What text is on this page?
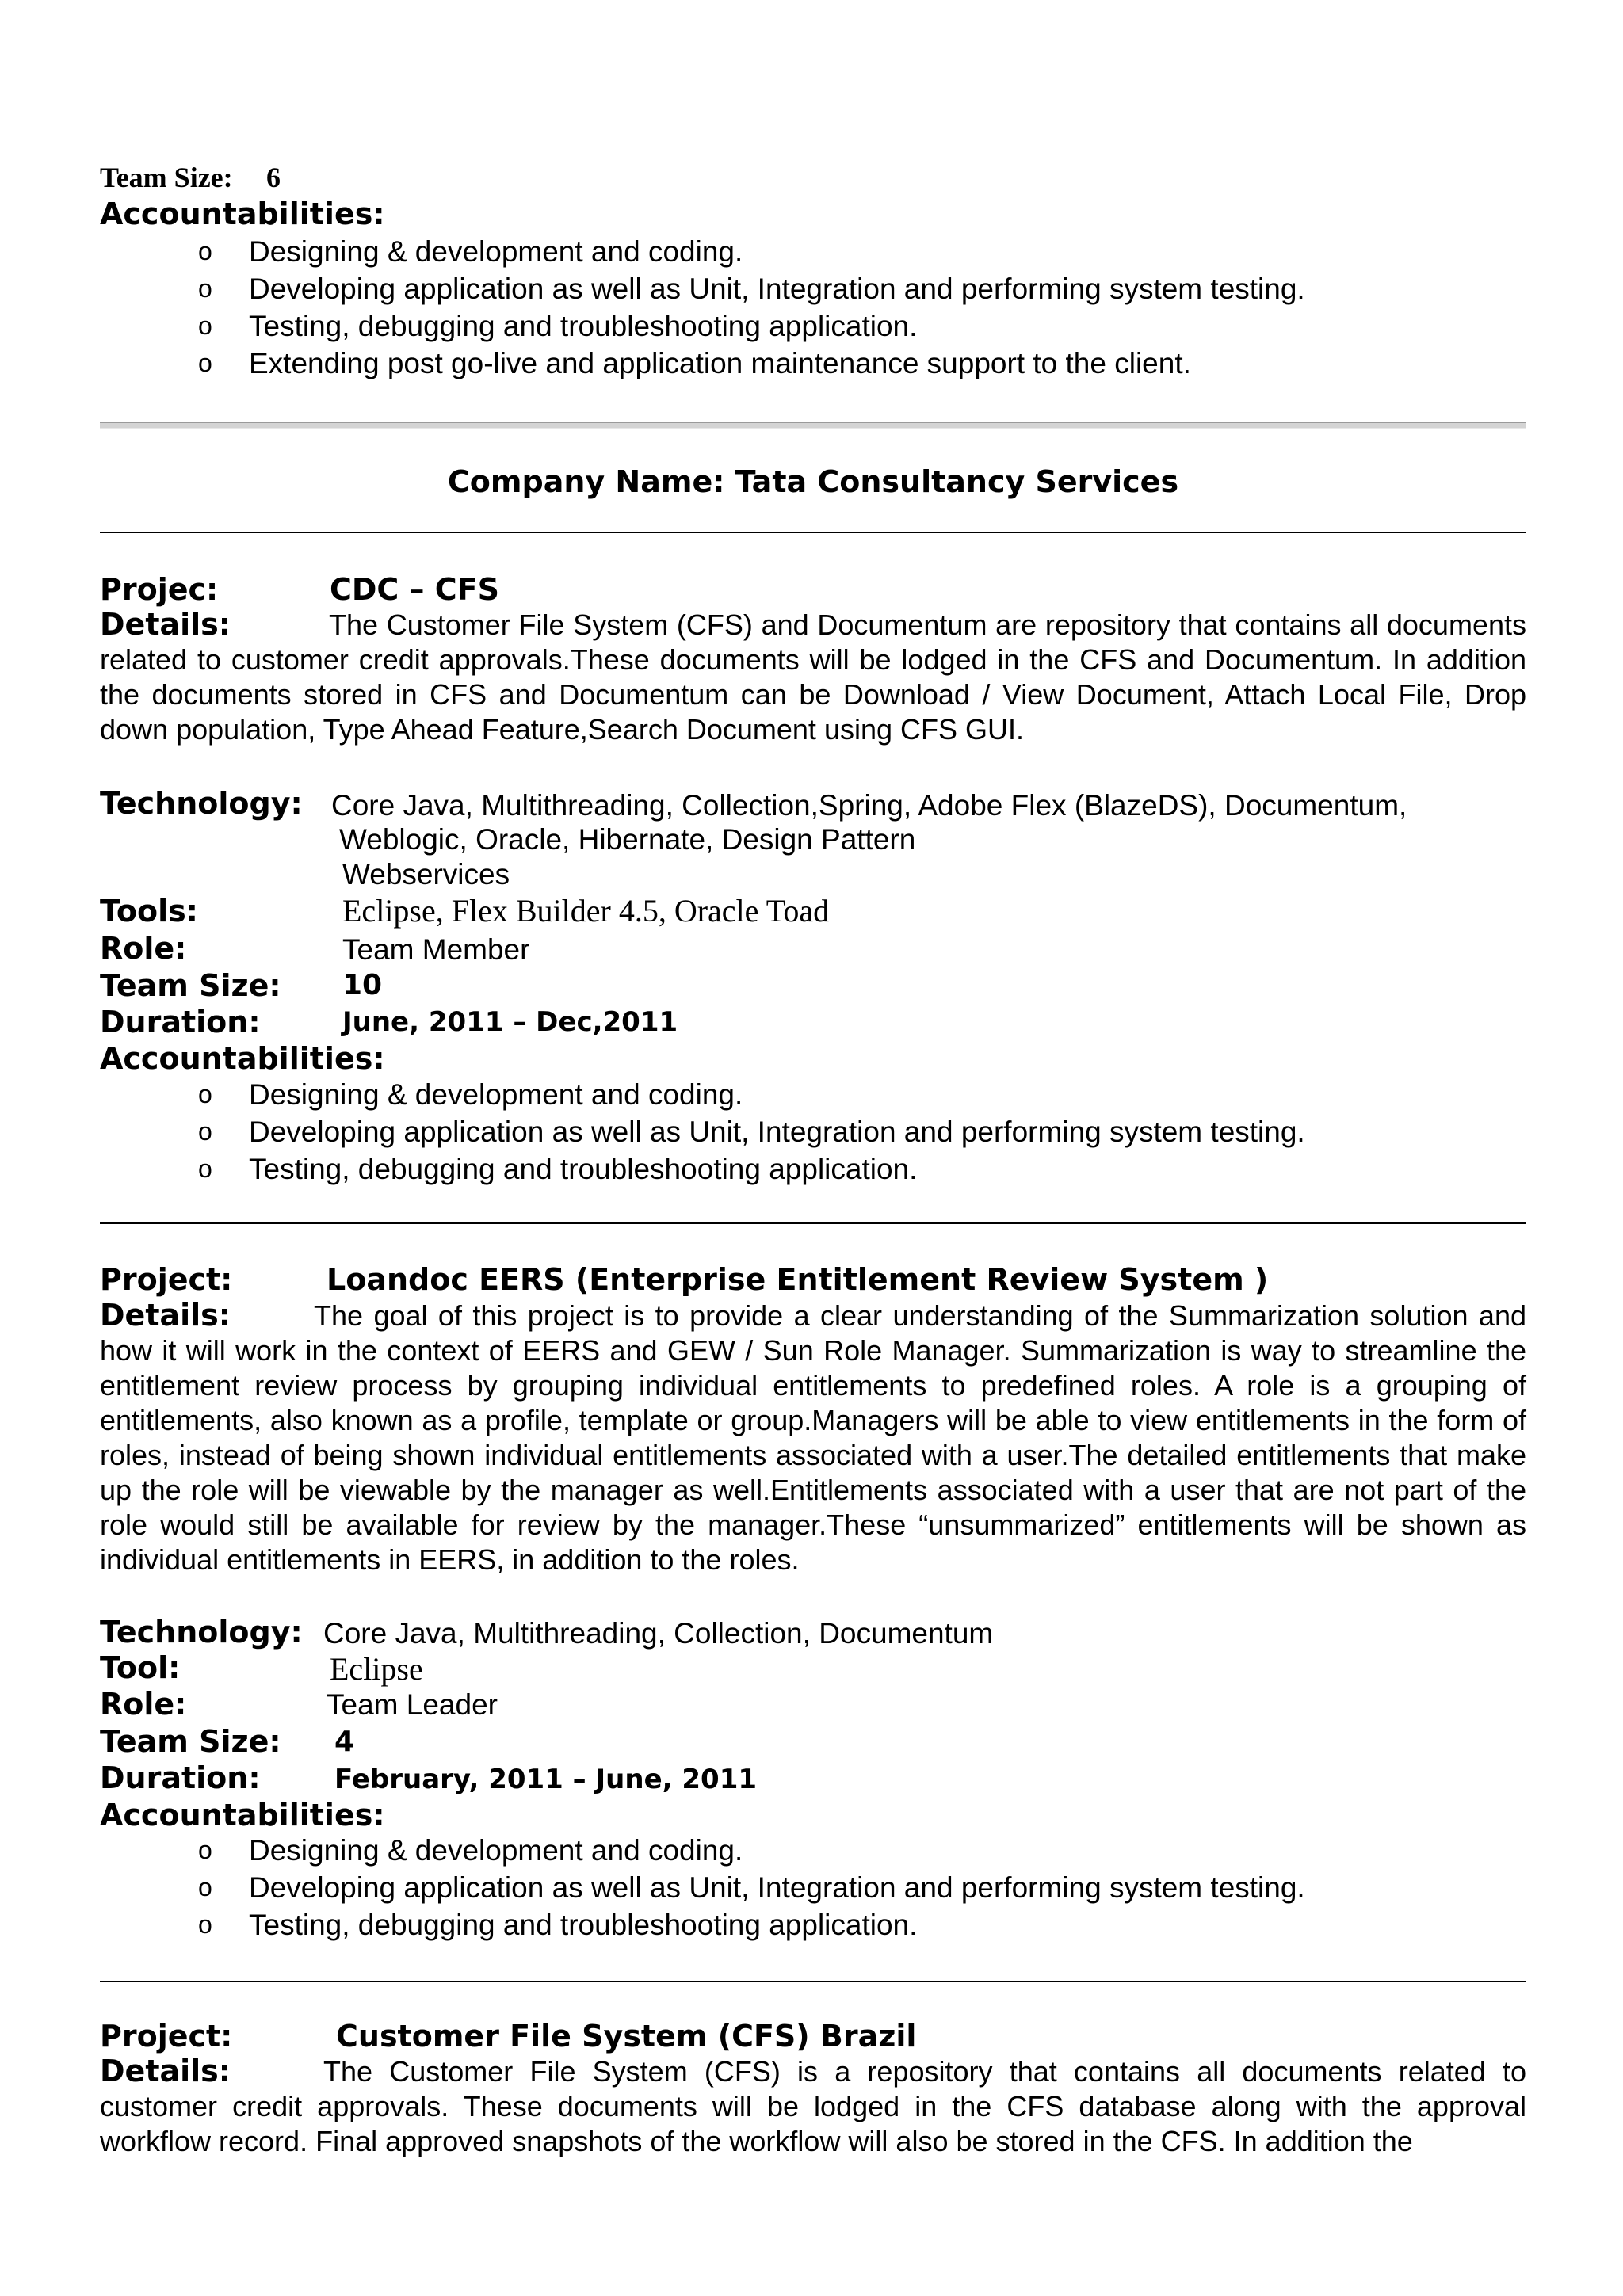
Team Size: 6
Accountabilities:
o Designing & development and coding.
o Developing application as well as Unit, Integration and performing system testing.
o Testing, debugging and troubleshooting application.
o Extending post go-live and application maintenance support to the client.
Company Name: Tata Consultancy Services
Projec:	CDC – CFS
Details:	The Customer File System (CFS) and Documentum are repository that contains all documents related to customer credit approvals.These documents will be lodged in the CFS and Documentum. In addition the documents stored in CFS and Documentum can be Download / View Document, Attach Local File, Drop down population, Type Ahead Feature,Search Document using CFS GUI.
Technology: Core Java, Multithreading, Collection,Spring, Adobe Flex (BlazeDS), Documentum,
Weblogic, Oracle, Hibernate, Design Pattern
Webservices
Tools:	Eclipse, Flex Builder 4.5, Oracle Toad
Role:	Team Member
Team Size: 10
Duration:	June, 2011 – Dec,2011
Accountabilities:
o Designing & development and coding.
o Developing application as well as Unit, Integration and performing system testing.
o Testing, debugging and troubleshooting application.
Project:	Loandoc EERS (Enterprise Entitlement Review System )
Details:	The goal of this project is to provide a clear understanding of the Summarization solution and how it will work in the context of EERS and GEW / Sun Role Manager. Summarization is way to streamline the entitlement review process by grouping individual entitlements to predefined roles. A role is a grouping of entitlements, also known as a profile, template or group.Managers will be able to view entitlements in the form of roles, instead of being shown individual entitlements associated with a user.The detailed entitlements that make up the role will be viewable by the manager as well.Entitlements associated with a user that are not part of the role would still be available for review by the manager.These “unsummarized” entitlements will be shown as individual entitlements in EERS, in addition to the roles.
Technology: Core Java, Multithreading, Collection, Documentum
Tool:	Eclipse
Role:	Team Leader
Team Size: 4
Duration:	February, 2011 – June, 2011
Accountabilities:
o Designing & development and coding.
o Developing application as well as Unit, Integration and performing system testing.
o Testing, debugging and troubleshooting application.
Project:	Customer File System (CFS) Brazil
Details:	The Customer File System (CFS) is a repository that contains all documents related to customer credit approvals. These documents will be lodged in the CFS database along with the approval workflow record. Final approved snapshots of the workflow will also be stored in the CFS. In addition the
